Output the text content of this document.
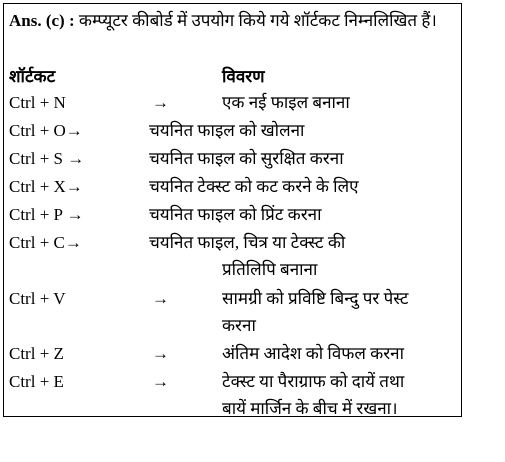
Ans. (c) : कम्प्यूटर कीबोर्ड में उपयोग किये गये शॉर्टकट निम्नलिखित हैं।
शॉर्टकट	विवरण
Ctrl + N	→	एक नई फाइल बनाना
Ctrl + O→	चयनित फाइल को खोलना
Ctrl + S →	चयनित फाइल को सुरक्षित करना
Ctrl + X→	चयनित टेक्स्ट को कट करने के लिए
Ctrl + P →	चयनित फाइल को प्रिंट करना
Ctrl + C→	चयनित फाइल, चित्र या टेक्स्ट की
प्रतिलिपि बनाना
Ctrl + V	→	सामग्री को प्रविष्टि बिन्दु पर पेस्ट
करना
Ctrl + Z	→	अंतिम आदेश को विफल करना
Ctrl + E	→	टेक्स्ट या पैराग्राफ को दायें तथा
बायें मार्जिन के बीच में रखना।
